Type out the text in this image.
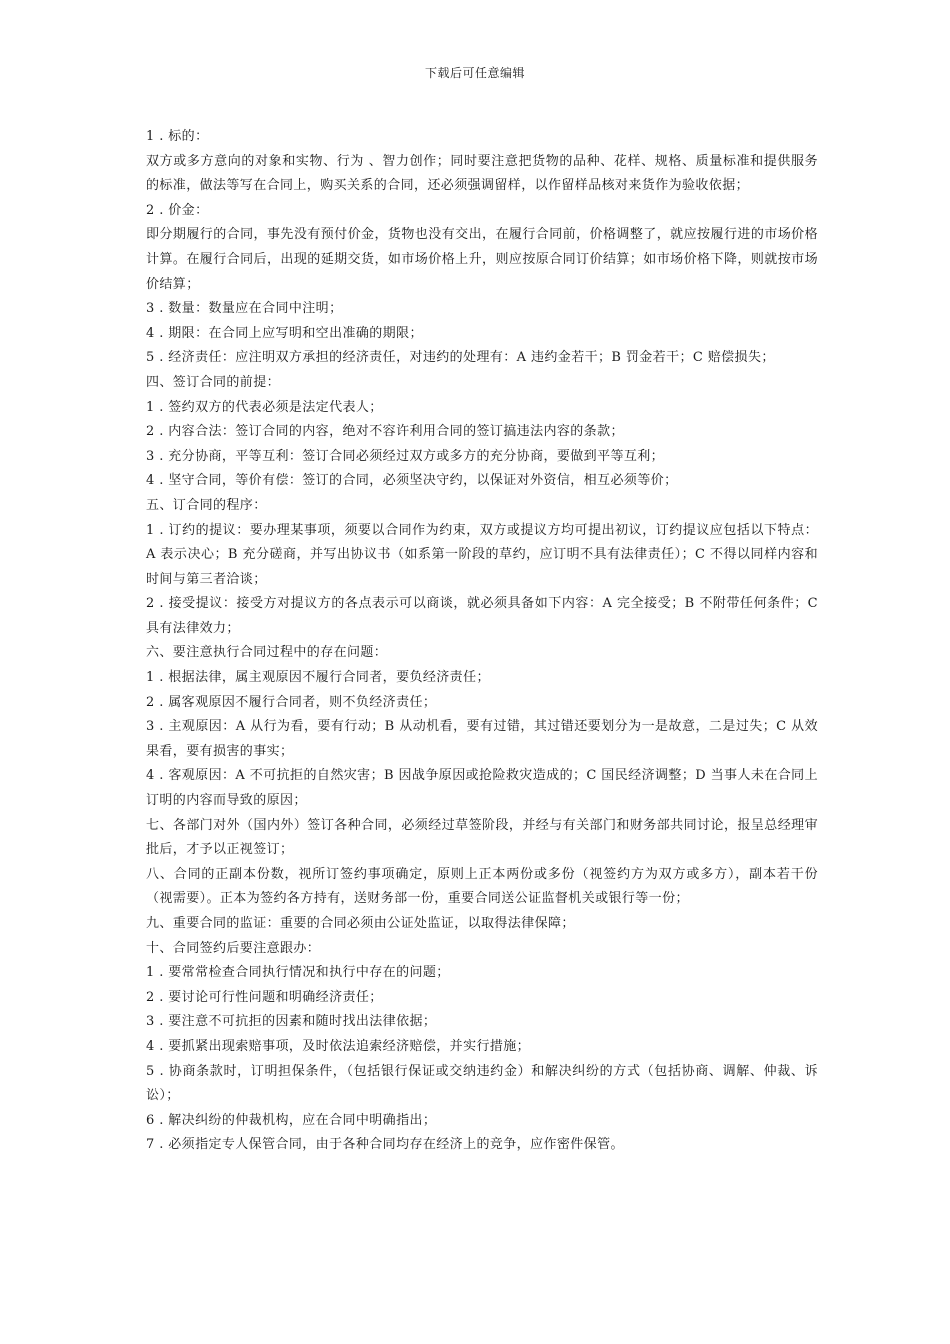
下载后可任意编辑

1 . 标的：

双方或多方意向的对象和实物、行为 、智力创作；同时要注意把货物的品种、花样、规格、质量标准和提供服务的标准，做法等写在合同上，购买关系的合同，还必须强调留样，以作留样品核对来货作为验收依据；

2 . 价金：

即分期履行的合同，事先没有预付价金，货物也没有交出，在履行合同前，价格调整了，就应按履行进的市场价格计算。在履行合同后，出现的延期交货，如市场价格上升，则应按原合同订价结算；如市场价格下降，则就按市场价结算；

3 . 数量：数量应在合同中注明；

4 . 期限：在合同上应写明和空出准确的期限；

5 . 经济责任：应注明双方承担的经济责任，对违约的处理有：A 违约金若干；B 罚金若干；C 赔偿损失；

四、签订合同的前提：

1 . 签约双方的代表必须是法定代表人；

2 . 内容合法：签订合同的内容，绝对不容许利用合同的签订搞违法内容的条款；

3 . 充分协商，平等互利：签订合同必须经过双方或多方的充分协商，要做到平等互利；

4 . 坚守合同，等价有偿：签订的合同，必须坚决守约，以保证对外资信，相互必须等价；

五、订合同的程序：

1 . 订约的提议：要办理某事项，须要以合同作为约束，双方或提议方均可提出初议，订约提议应包括以下特点：A 表示决心；B 充分磋商，并写出协议书（如系第一阶段的草约，应订明不具有法律责任）；C 不得以同样内容和时间与第三者洽谈；

2 . 接受提议：接受方对提议方的各点表示可以商谈，就必须具备如下内容：A 完全接受；B 不附带任何条件；C具有法律效力；

六、要注意执行合同过程中的存在问题：

1 . 根据法律，属主观原因不履行合同者，要负经济责任；

2 . 属客观原因不履行合同者，则不负经济责任；

3 . 主观原因：A 从行为看，要有行动；B 从动机看，要有过错，其过错还要划分为一是故意，二是过失；C 从效果看，要有损害的事实；

4 . 客观原因：A 不可抗拒的自然灾害；B 因战争原因或抢险救灾造成的；C 国民经济调整；D 当事人未在合同上订明的内容而导致的原因；

七、各部门对外（国内外）签订各种合同，必须经过草签阶段，并经与有关部门和财务部共同讨论，报呈总经理审批后，才予以正视签订；

八、合同的正副本份数，视所订签约事项确定，原则上正本两份或多份（视签约方为双方或多方），副本若干份（视需要）。正本为签约各方持有，送财务部一份，重要合同送公证监督机关或银行等一份；

九、重要合同的监证：重要的合同必须由公证处监证，以取得法律保障；

十、合同签约后要注意跟办：

1 . 要常常检查合同执行情况和执行中存在的问题；

2 . 要讨论可行性问题和明确经济责任；

3 . 要注意不可抗拒的因素和随时找出法律依据；

4 . 要抓紧出现索赔事项，及时依法追索经济赔偿，并实行措施；

5 . 协商条款时，订明担保条件，（包括银行保证或交纳违约金）和解决纠纷的方式（包括协商、调解、仲裁、诉讼）；

6 . 解决纠纷的仲裁机构，应在合同中明确指出；

7 . 必须指定专人保管合同，由于各种合同均存在经济上的竞争，应作密件保管。
